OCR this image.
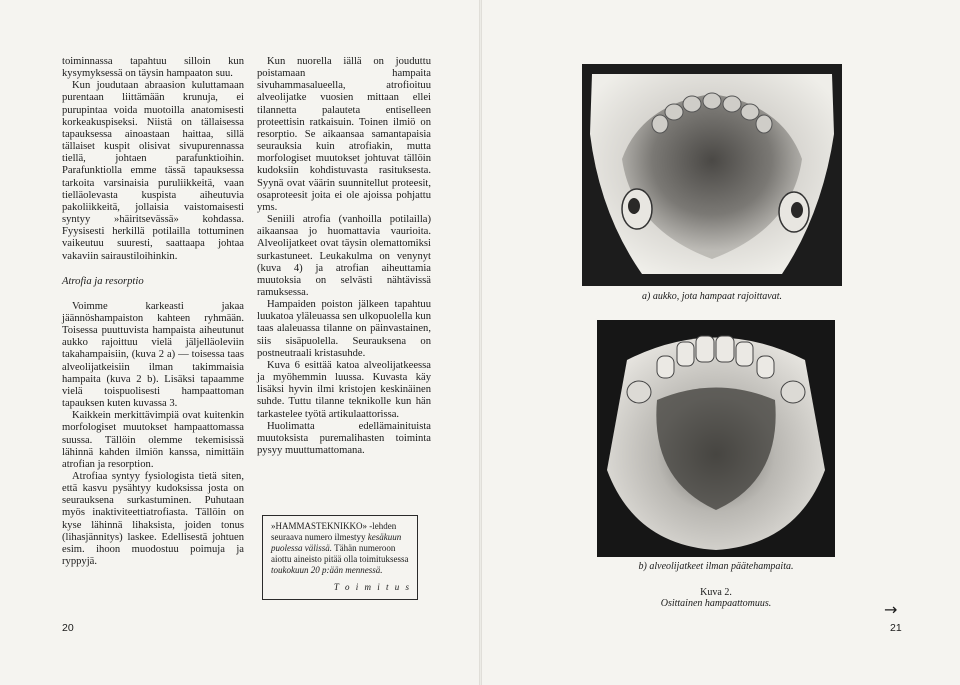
toiminnassa tapahtuu silloin kun kysymyksessä on täysin hampaaton suu.

Kun joudutaan abraasion kuluttamaan purentaan liittämään krunuja, ei purupintaa voida muotoilla anatomisesti korkeakuspiseksi. Niistä on tällaisessa tapauksessa ainoastaan haittaa, sillä tällaiset kuspit olisivat sivupurennassa tiellä, johtaen parafunktioihin. Parafunktiolla emme tässä tapauksessa tarkoita varsinaisia puruliikkeitä, vaan tielläolevasta kuspista aiheutuvia pakoliikkeitä, jollaisia vaistomaisesti syntyy »häiritsevässä» kohdassa. Fyysisesti herkillä potilailla tottuminen vaikeutuu suuresti, saattaapa johtaa vakaviin sairaustiloihinkin.

Atrofia ja resorptio

Voimme karkeasti jakaa jäännöshampaiston kahteen ryhmään. Toisessa puuttuvista hampaista aiheutunut aukko rajoittuu vielä jäljelläoleviin takahampaisiin, (kuva 2 a) — toisessa taas alveolijatkeisiin ilman takimmaisia hampaita (kuva 2 b). Lisäksi tapaamme vielä toispuolisesti hampaattoman tapauksen kuten kuvassa 3.

Kaikkein merkittävimpiä ovat kuitenkin morfologiset muutokset hampaattomassa suussa. Tällöin olemme tekemisissä lähinnä kahden ilmiön kanssa, nimittäin atrofian ja resorption.

Atrofiaa syntyy fysiologista tietä siten, että kasvu pysähtyy kudoksissa josta on seurauksena surkastuminen. Puhutaan myös inaktiviteettiatrofiasta. Tällöin on kyse lähinnä lihaksista, joiden tonus (lihasjännitys) laskee. Edellisestä johtuen esim. ihoon muodostuu poimuja ja ryppyjä.

Kun nuorella iällä on jouduttu poistamaan hampaita sivuhammasalueella, atrofioituu alveolijatke vuosien mittaan ellei tilannetta palauteta entiselleen proteettisin ratkaisuin. Toinen ilmiö on resorptio. Se aikaansaa samantapaisia seurauksia kuin atrofiakin, mutta morfologiset muutokset johtuvat tällöin kudoksiin kohdistuvasta rasituksesta. Syynä ovat väärin suunnitellut proteesit, osaproteesit joita ei ole ajoissa pohjattu yms.

Seniili atrofia (vanhoilla potilailla) aikaansaa jo huomattavia vaurioita. Alveolijatkeet ovat täysin olemattomiksi surkastuneet. Leukakulma on venynyt (kuva 4) ja atrofian aiheuttamia muutoksia on selvästi nähtävissä ramuksessa.

Hampaiden poiston jälkeen tapahtuu luukatoa yläleuassa sen ulkopuolella kun taas alaleuassa tilanne on päinvastainen, siis sisäpuolella. Seurauksena on postneutraali kristasuhde.

Kuva 6 esittää katoa alveolijatkeessa ja myöhemmin luussa. Kuvasta käy lisäksi hyvin ilmi kristojen keskinäinen suhde. Tuttu tilanne teknikolle kun hän tarkastelee työtä artikulaattorissa.

Huolimatta edellämainituista muutoksista puremalihasten toiminta pysyy muuttumattomana.

»HAMMASTEKNIKKO» -lehden seuraava numero ilmestyy kesäkuun puolessa välissä. Tähän numeroon aiottu aineisto pitää olla toimituksessa toukokuun 20 p:ään mennessä.
T o i m i t u s
20
a) aukko, jota hampaat rajoittavat.
b) alveolijatkeet ilman päätehampaita.
Kuva 2.
Osittainen hampaattomuus.	→
21
